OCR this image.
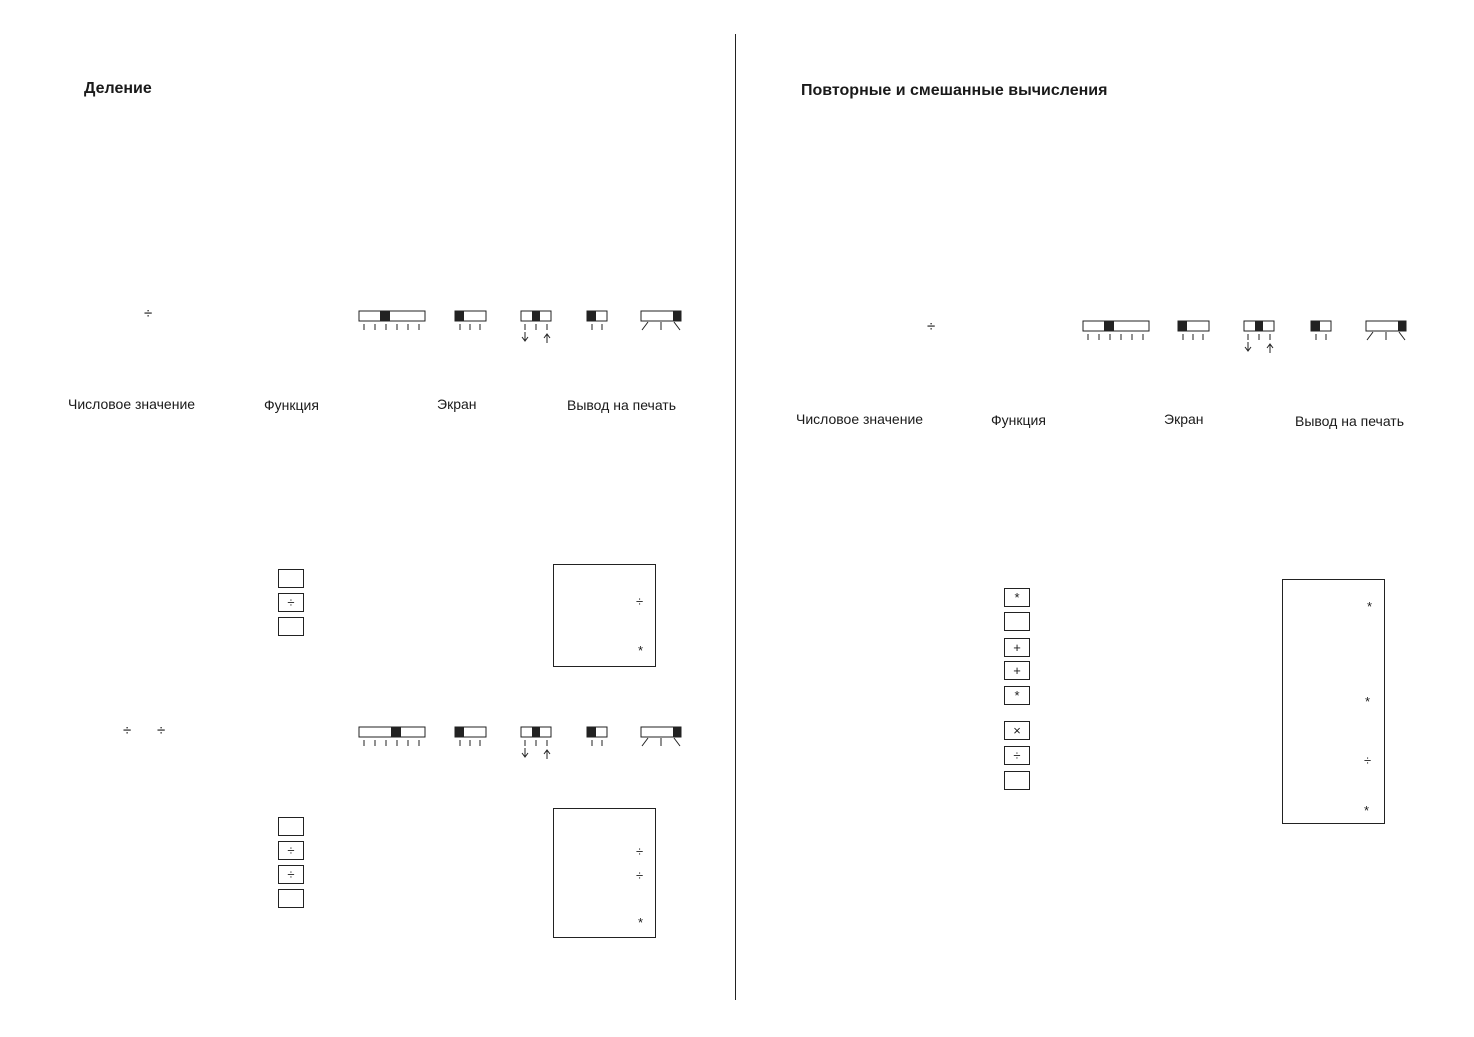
Деление
÷
Числовое значение	Функция	Экран	Вывод на печать
÷	÷
*
÷ ÷
÷
÷
÷
÷
*
Повторные и смешанные вычисления
÷
Числовое значение	Функция	Экран	Вывод на печать
*
+
+
*
×
÷
*
*
÷
*
